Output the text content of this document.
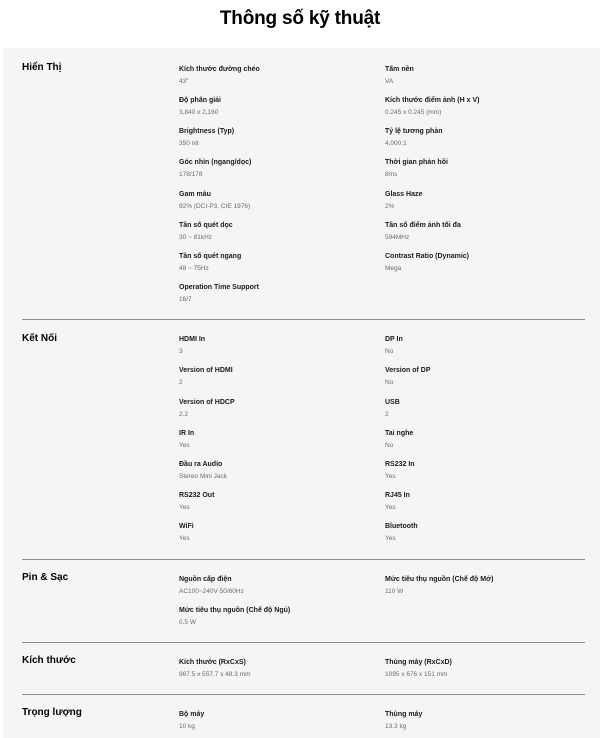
Thông số kỹ thuật
Hiển Thị	Kích thước đường chéo
43"
Tấm nền
VA
Độ phân giải
3,840 x 2,160
Kích thước điểm ảnh (H x V)
0.245 x 0.245 (mm)
Brightness (Typ)
350 nit
Tỷ lệ tương phản
4,000:1
Góc nhìn (ngang/dọc)
178/178
Thời gian phản hồi
8ms
Gam màu
92% (DCI-P3, CIE 1976)
Glass Haze
2%
Tần số quét dọc
30 ~ 81kHz
Tần số điểm ảnh tối đa
594MHz
Tần số quét ngang
48 ~ 75Hz
Contrast Ratio (Dynamic)
Mega
Operation Time Support
16/7
Kết Nối	HDMI In
3
DP In
No
Version of HDMI
2
Version of DP
No
Version of HDCP
2.2
USB
2
IR In
Yes
Tai nghe
No
Đầu ra Audio
Stereo Mini Jack
RS232 In
Yes
RS232 Out
Yes
RJ45 In
Yes
WiFi
Yes
Bluetooth
Yes
Pin & Sạc	Nguồn cấp điện
AC100~240V 50/60Hz
Mức tiêu thụ nguồn (Chế độ Mở)
110 W
Mức tiêu thụ nguồn (Chế độ Ngủ)
0.5 W
Kích thước	Kích thước (RxCxS)
967.5 x 557.7 x 48.3 mm
Thùng máy (RxCxD)
1095 x 676 x 151 mm
Trọng lượng	Bộ máy
10 kg
Thùng máy
13.3 kg
